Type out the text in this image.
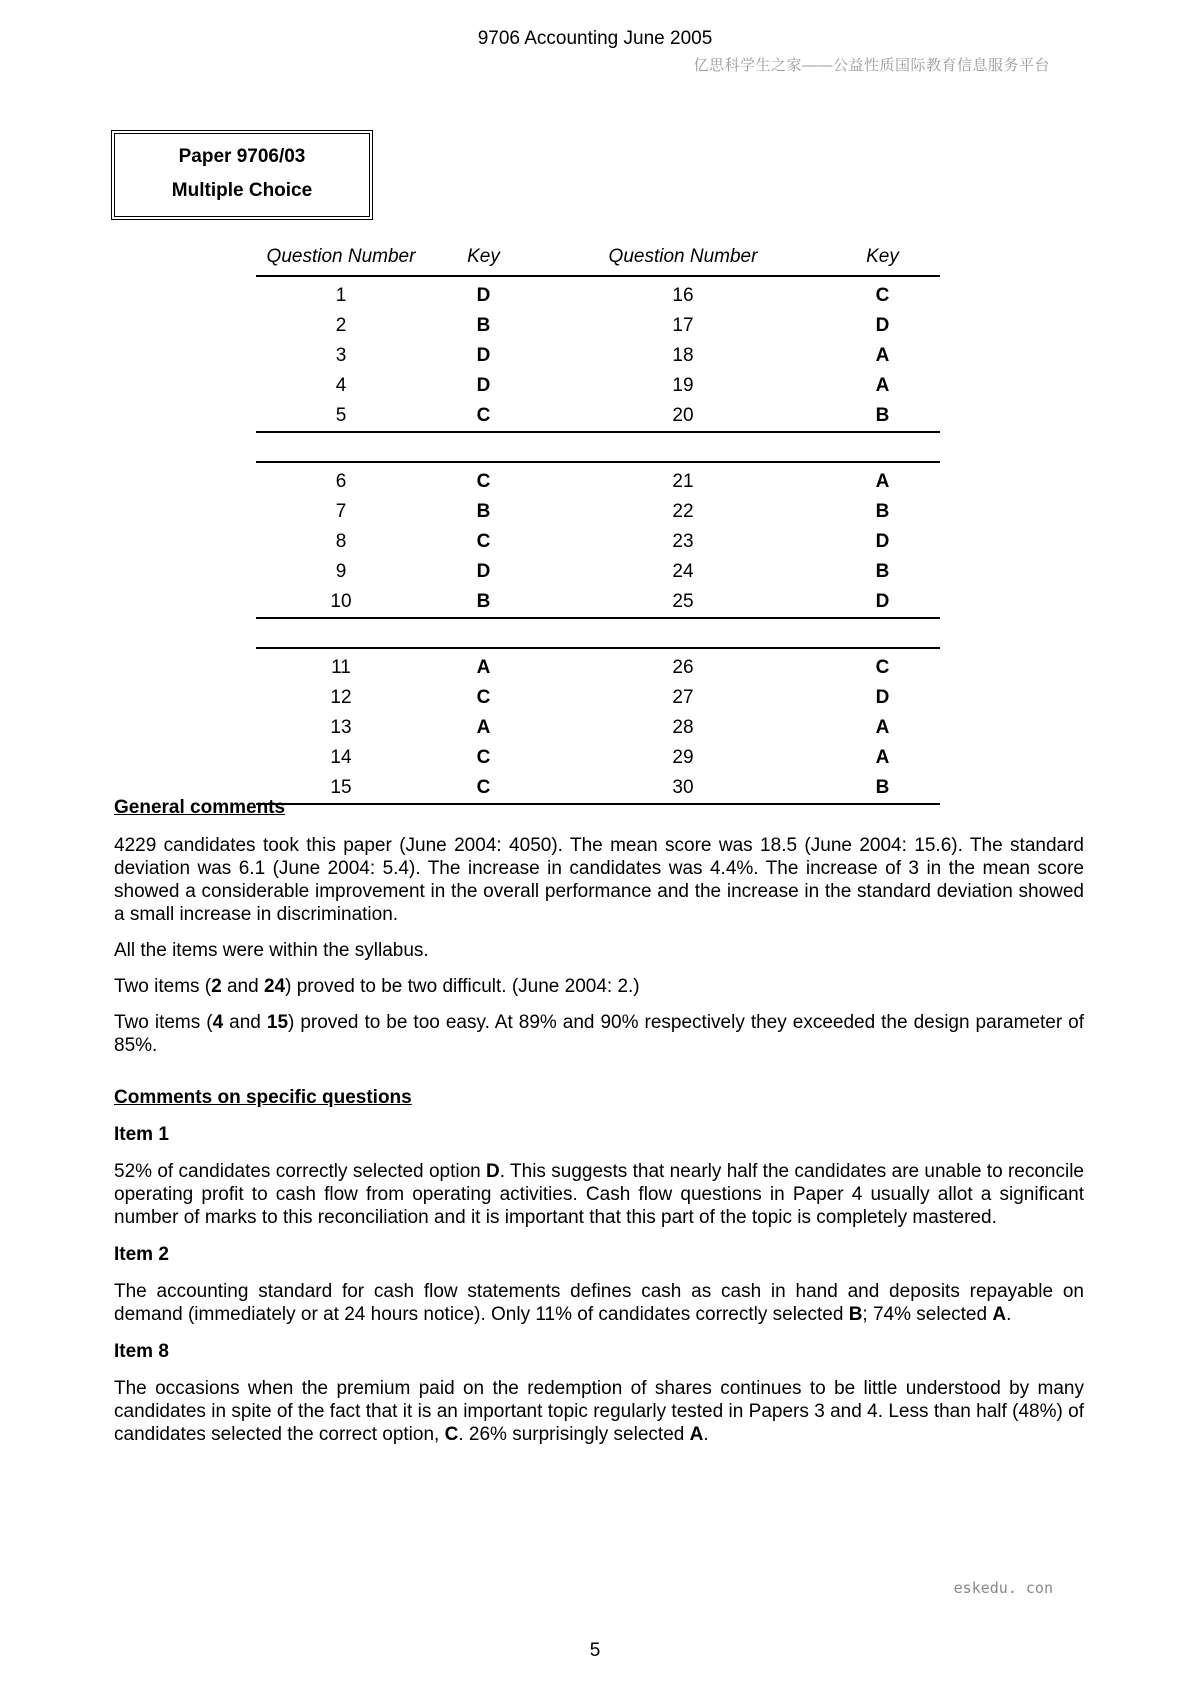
9706 Accounting June 2005
亿思科学生之家——公益性质国际教育信息服务平台
Paper 9706/03
Multiple Choice
Question Number	Key	Question Number	Key
1	D	16	C
2	B	17	D
3	D	18	A
4	D	19	A
5	C	20	B

6	C	21	A
7	B	22	B
8	C	23	D
9	D	24	B
10	B	25	D

11	A	26	C
12	C	27	D
13	A	28	A
14	C	29	A
15	C	30	B

General comments

4229 candidates took this paper (June 2004: 4050). The mean score was 18.5 (June 2004: 15.6). The standard deviation was 6.1 (June 2004: 5.4). The increase in candidates was 4.4%. The increase of 3 in the mean score showed a considerable improvement in the overall performance and the increase in the standard deviation showed a small increase in discrimination.

All the items were within the syllabus.

Two items (2 and 24) proved to be two difficult. (June 2004: 2.)

Two items (4 and 15) proved to be too easy. At 89% and 90% respectively they exceeded the design parameter of 85%.

Comments on specific questions

Item 1

52% of candidates correctly selected option D. This suggests that nearly half the candidates are unable to reconcile operating profit to cash flow from operating activities. Cash flow questions in Paper 4 usually allot a significant number of marks to this reconciliation and it is important that this part of the topic is completely mastered.

Item 2

The accounting standard for cash flow statements defines cash as cash in hand and deposits repayable on demand (immediately or at 24 hours notice). Only 11% of candidates correctly selected B; 74% selected A.

Item 8

The occasions when the premium paid on the redemption of shares continues to be little understood by many candidates in spite of the fact that it is an important topic regularly tested in Papers 3 and 4. Less than half (48%) of candidates selected the correct option, C. 26% surprisingly selected A.

eskedu. con
5
